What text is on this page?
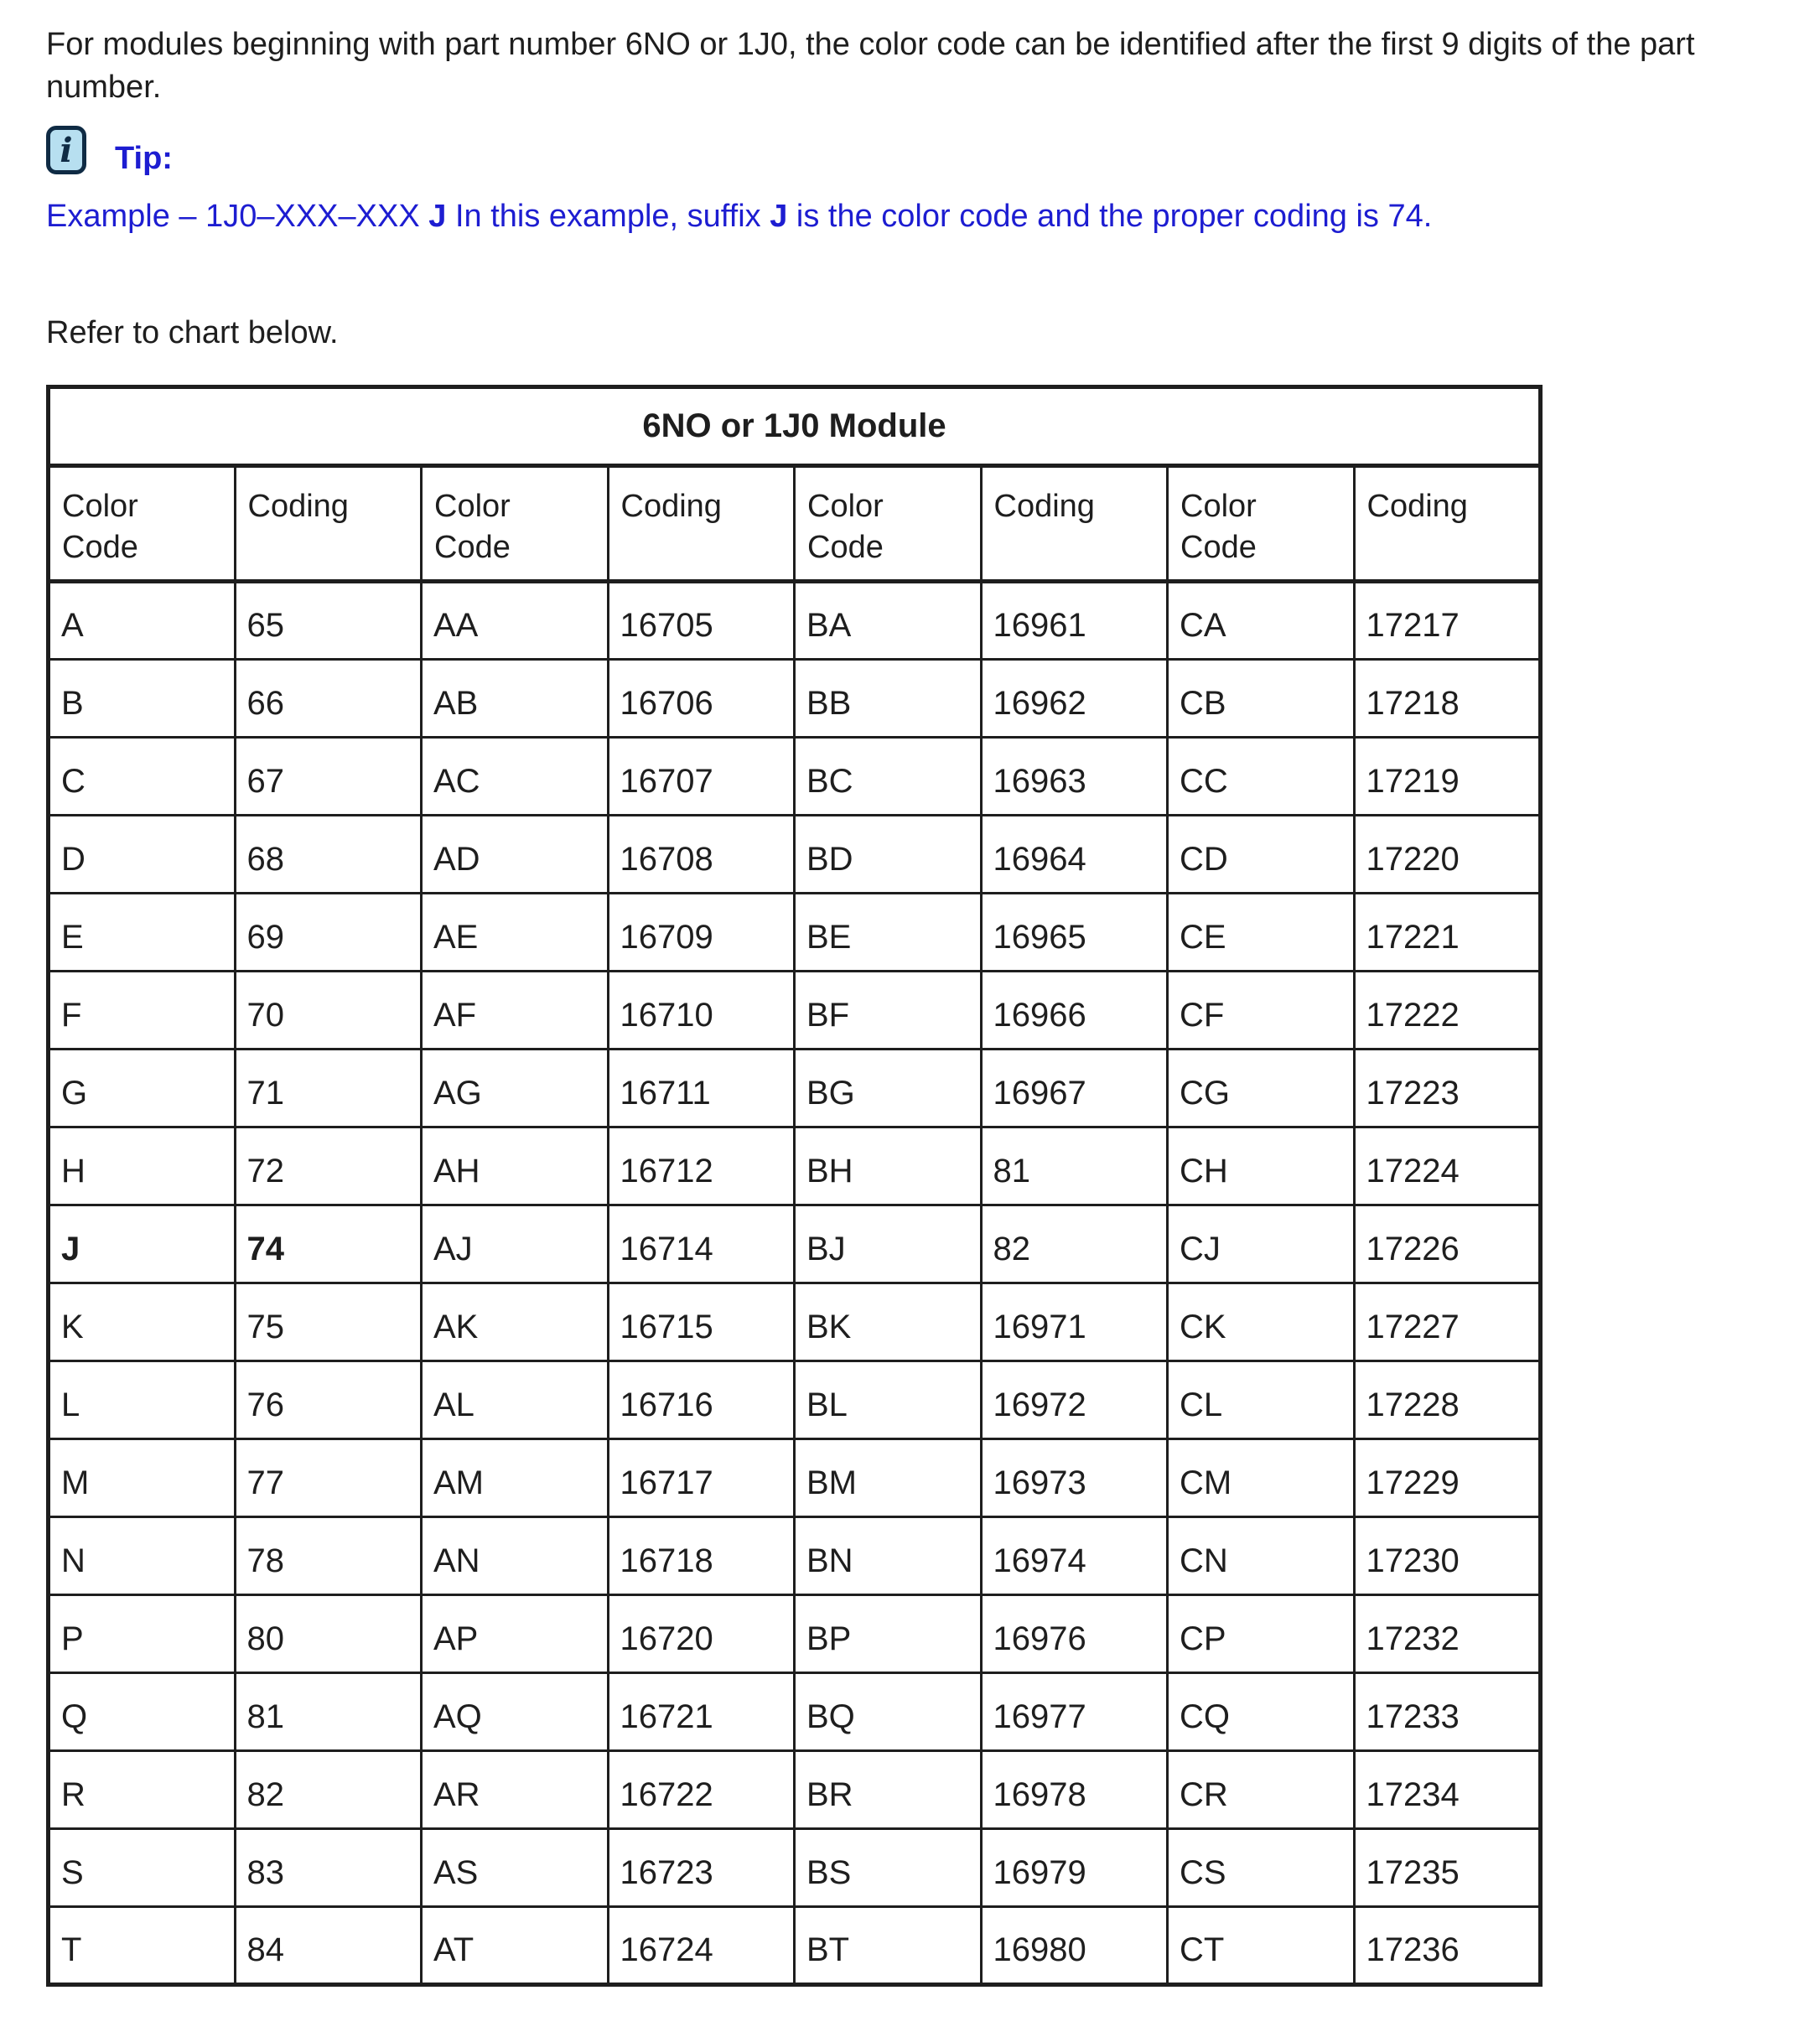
For modules beginning with part number 6NO or 1J0, the color code can be identified after the first 9 digits of the part number.

i Tip:

Example – 1J0–XXX–XXX J In this example, suffix J is the color code and the proper coding is 74.

Refer to chart below.

6NO or 1J0 Module							

Color Code	Coding	Color Code	Coding	Color Code	Coding	Color Code	Coding

A	65	AA	16705	BA	16961	CA	17217
B	66	AB	16706	BB	16962	CB	17218
C	67	AC	16707	BC	16963	CC	17219
D	68	AD	16708	BD	16964	CD	17220
E	69	AE	16709	BE	16965	CE	17221
F	70	AF	16710	BF	16966	CF	17222
G	71	AG	16711	BG	16967	CG	17223
H	72	AH	16712	BH	81	CH	17224
J	74	AJ	16714	BJ	82	CJ	17226
K	75	AK	16715	BK	16971	CK	17227
L	76	AL	16716	BL	16972	CL	17228
M	77	AM	16717	BM	16973	CM	17229
N	78	AN	16718	BN	16974	CN	17230
P	80	AP	16720	BP	16976	CP	17232
Q	81	AQ	16721	BQ	16977	CQ	17233
R	82	AR	16722	BR	16978	CR	17234
S	83	AS	16723	BS	16979	CS	17235
T	84	AT	16724	BT	16980	CT	17236
